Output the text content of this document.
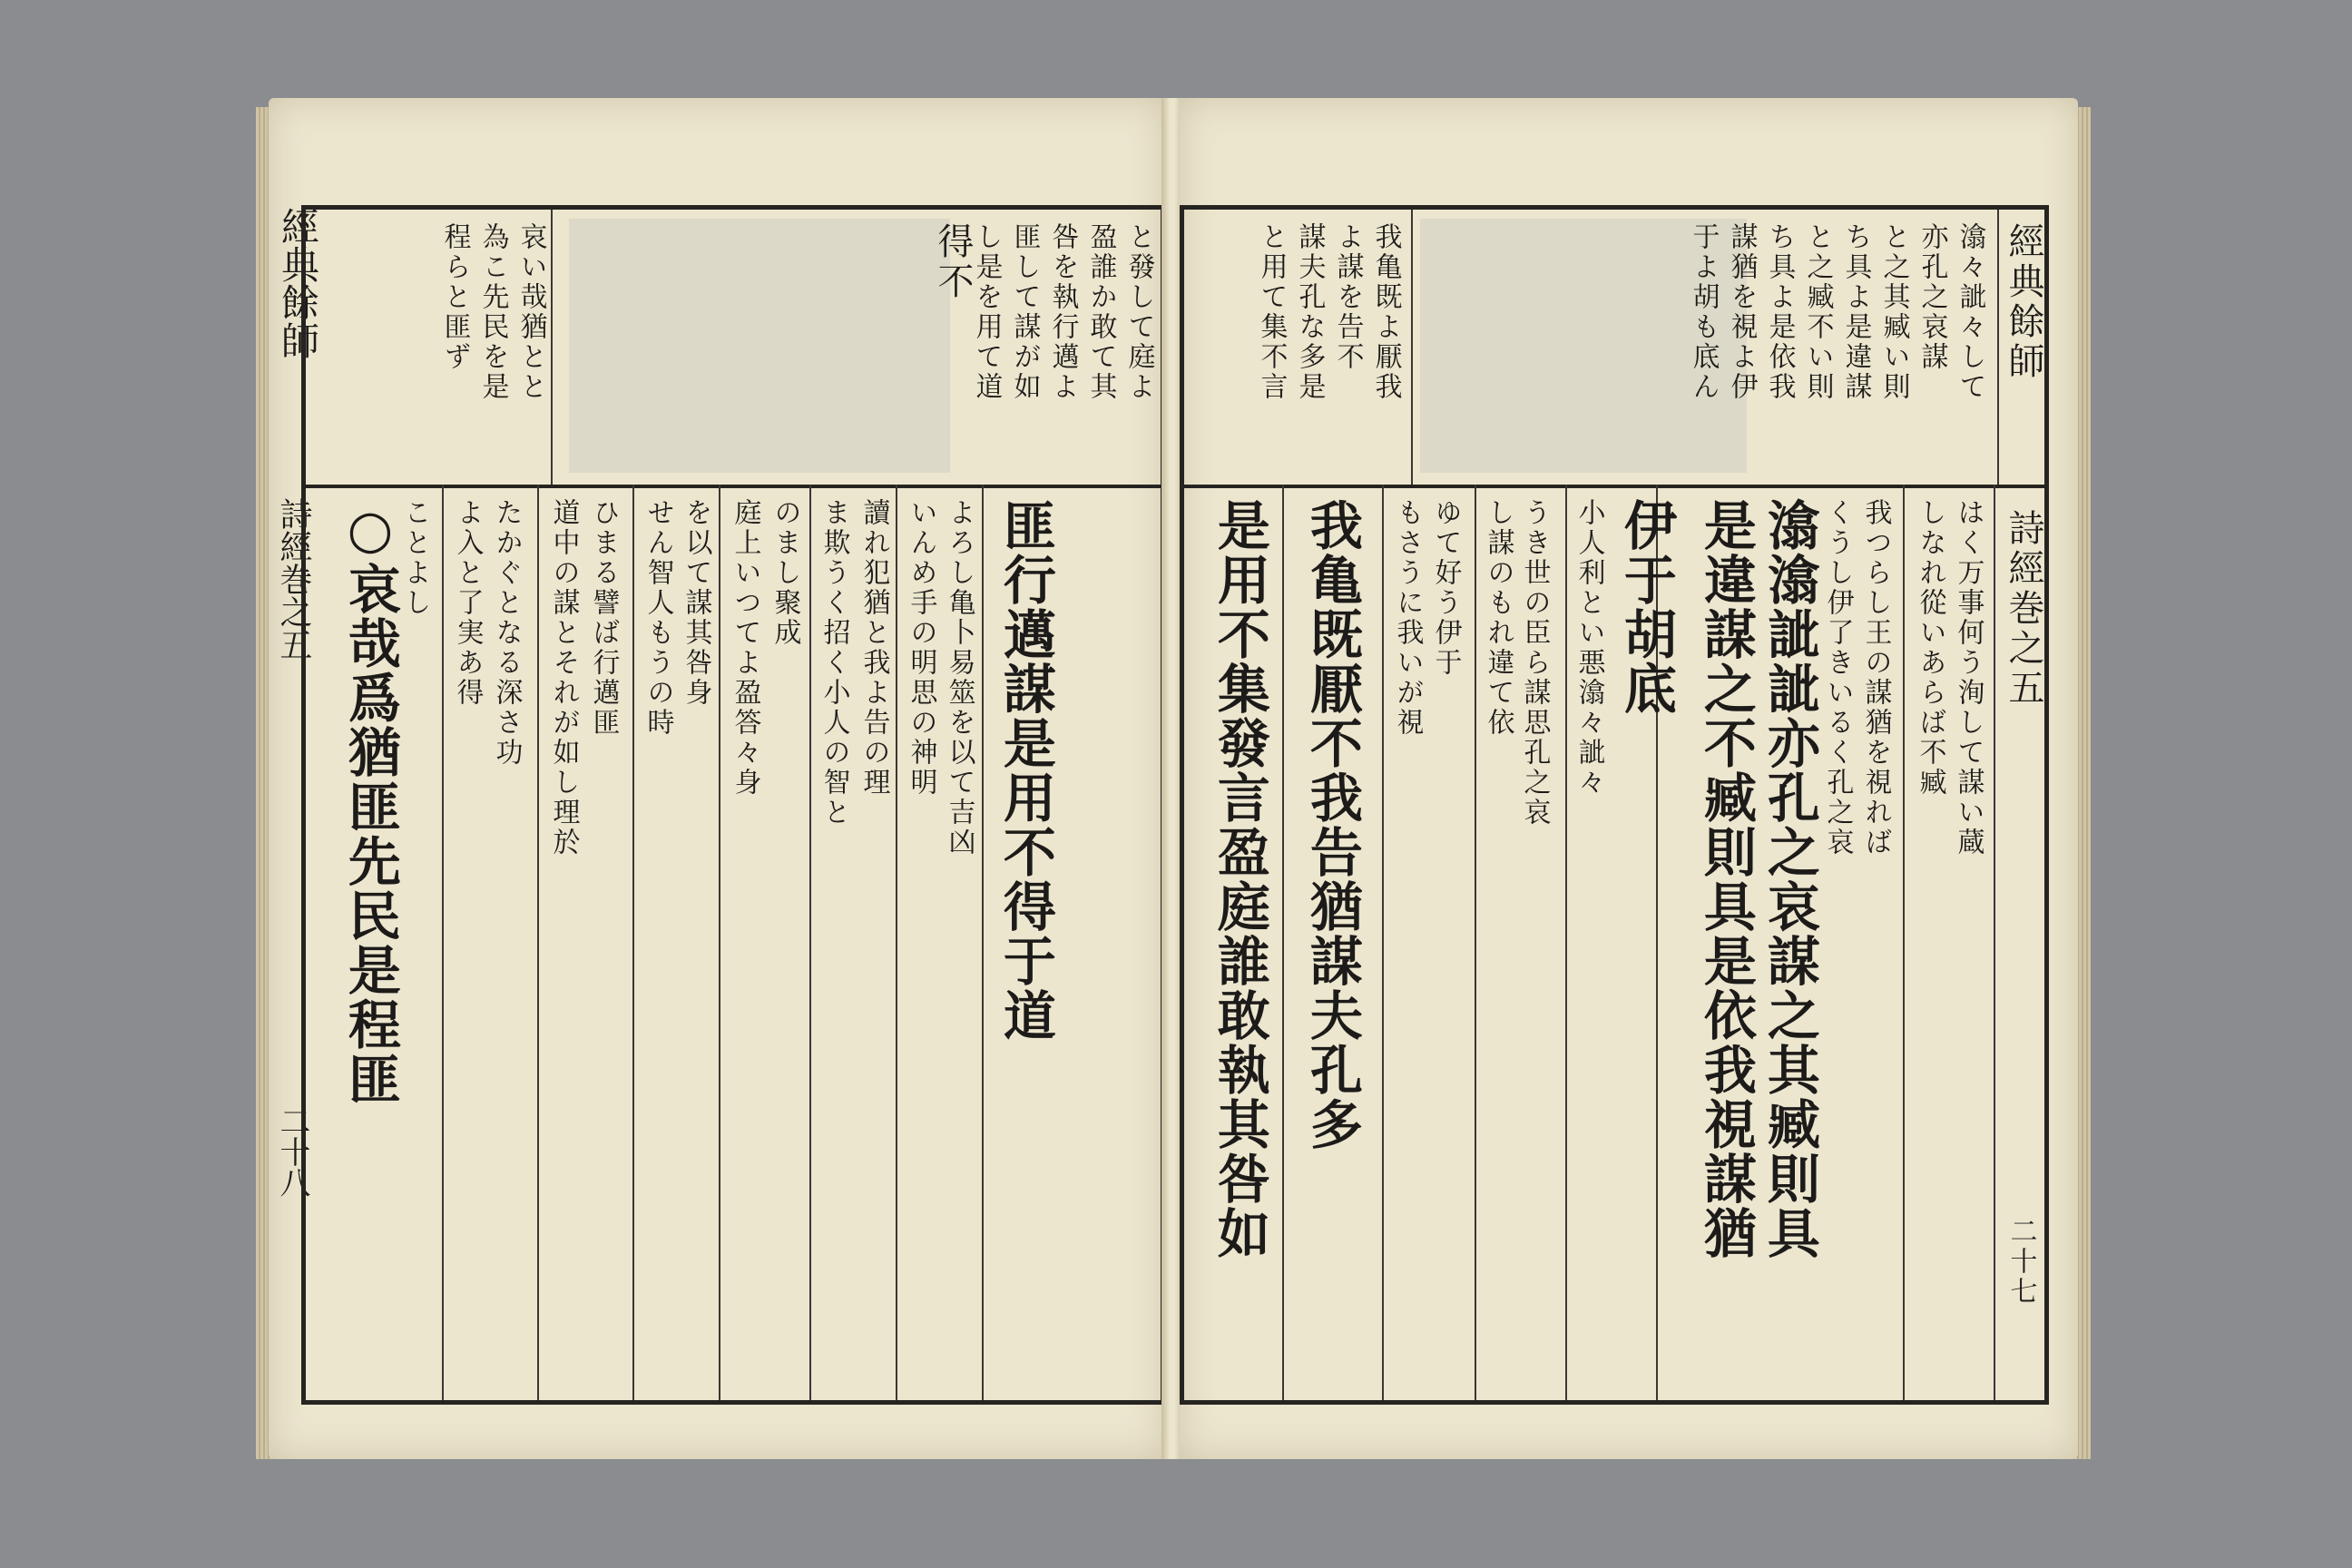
經典餘師
詩經巻之五
二十八
哀い哉猶とと
為こ先民を是
程らと匪ず	と發して庭よ
盈誰か敢て其
咎を執行邁よ
匪して謀が如
し是を用て道
得不
○哀哉爲猶匪先民是程匪
ことよし よ入と了実あ得 たかぐとなる深さ功 道中の謀とそれが如し理於 ひまる譬ば行邁匪 せん智人もうの時 を以て謀其咎身 庭上いつてよ盈答々身 のまし聚成 ま欺うく招く小人の智と 讀れ犯猶と我よ告の理 いんめ手の明思の神明 よろし亀卜易筮を以て吉凶 匪行邁謀是用不得于道
經典餘師
詩經巻之五
二十七
潝々訿々して
亦孔之哀謀
と之其臧い則
ち具よ是違謀
と之臧不い則
ち具よ是依我
謀猶を視よ伊
于よ胡も底ん
我亀既よ厭我
よ謀を告不
謀夫孔な多是
と用て集不言
はく万事何う洵して謀い蔵
しなれ從いあらば不臧
我つらし王の謀猶を視れば
くうし伊了きいるく孔之哀
潝潝訿訿亦孔之哀謀之其臧則具
是違謀之不臧則具是依我視謀猶
伊于胡底
小人利とい悪潝々訿々
うき世の臣ら謀思孔之哀
し謀のもれ違て依
ゆて好う伊于
もさうに我いが視
我亀既厭不我告猶謀夫孔多
是用不集發言盈庭誰敢執其咎如
